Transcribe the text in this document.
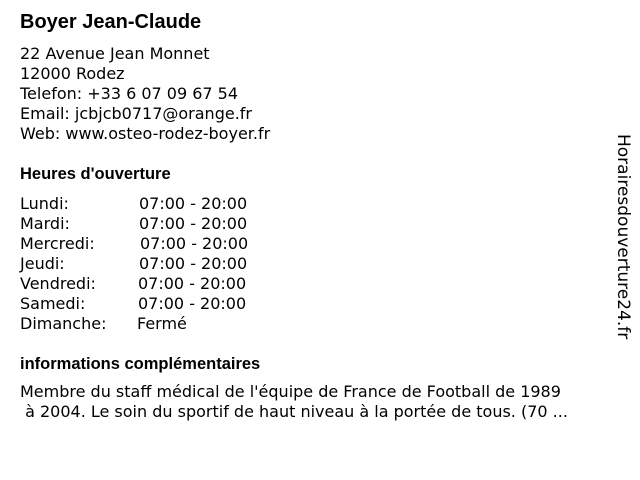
Boyer Jean-Claude
22 Avenue Jean Monnet
12000 Rodez
Telefon: +33 6 07 09 67 54
Email: jcbjcb0717@orange.fr
Web: www.osteo-rodez-boyer.fr
Heures d'ouverture
Lundi:	07:00 - 20:00
Mardi:	07:00 - 20:00
Mercredi:	07:00 - 20:00
Jeudi:	07:00 - 20:00
Vendredi:	07:00 - 20:00
Samedi:	07:00 - 20:00
Dimanche: Fermé
informations complémentaires
Membre du staff médical de l'équipe de France de Football de 1989
à 2004. Le soin du sportif de haut niveau à la portée de tous. (70 ...
Horairesdouverture24.fr
